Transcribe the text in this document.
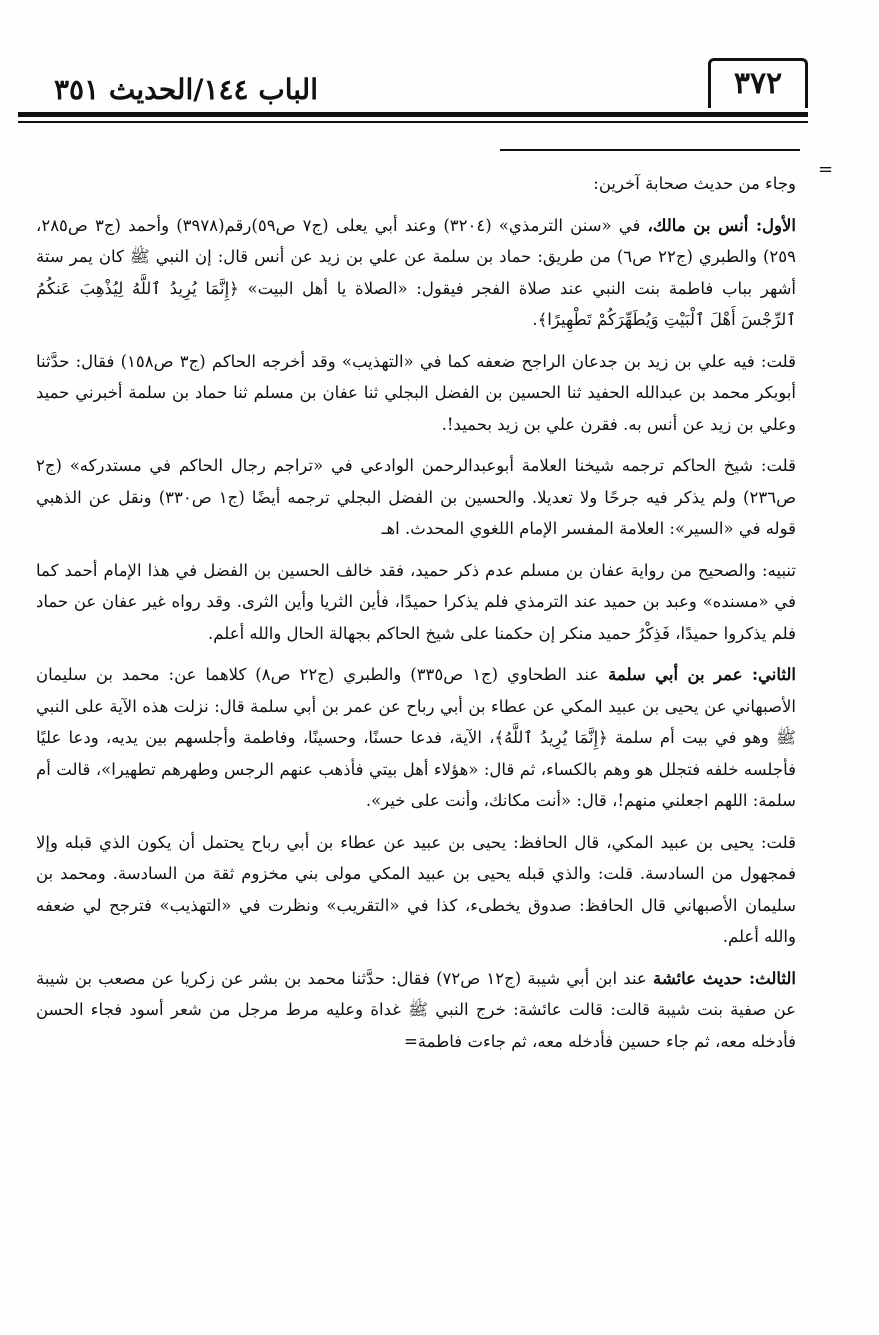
الباب ١٤٤/الحديث ٣٥١	٣٧٢
=

وجاء من حديث صحابة آخرين:

الأول: أنس بن مالك، في «سنن الترمذي» (٣٢٠٤) وعند أبي يعلى (ج٧ ص٥٩)رقم(٣٩٧٨) وأحمد (ج٣ ص٢٨٥، ٢٥٩) والطبري (ج٢٢ ص٦) من طريق: حماد بن سلمة عن علي بن زيد عن أنس قال: إن النبي ﷺ كان يمر ستة أشهر بباب فاطمة بنت النبي عند صلاة الفجر فيقول: «الصلاة يا أهل البيت» ﴿إِنَّمَا يُرِيدُ ٱللَّهُ لِيُذْهِبَ عَنكُمُ ٱلرِّجْسَ أَهْلَ ٱلْبَيْتِ وَيُطَهِّرَكُمْ تَطْهِيرًا﴾.

قلت: فيه علي بن زيد بن جدعان الراجح ضعفه كما في «التهذيب» وقد أخرجه الحاكم (ج٣ ص١٥٨) فقال: حدَّثنا أبوبكر محمد بن عبدالله الحفيد ثنا الحسين بن الفضل البجلي ثنا عفان بن مسلم ثنا حماد بن سلمة أخبرني حميد وعلي بن زيد عن أنس به. فقرن علي بن زيد بحميد!.

قلت: شيخ الحاكم ترجمه شيخنا العلامة أبوعبدالرحمن الوادعي في «تراجم رجال الحاكم في مستدركه» (ج٢ ص٢٣٦) ولم يذكر فيه جرحًا ولا تعديلا. والحسين بن الفضل البجلي ترجمه أيضًا (ج١ ص٣٣٠) ونقل عن الذهبي قوله في «السير»: العلامة المفسر الإمام اللغوي المحدث. اهـ

تنبيه: والصحيح من رواية عفان بن مسلم عدم ذكر حميد، فقد خالف الحسين بن الفضل في هذا الإمام أحمد كما في «مسنده» وعبد بن حميد عند الترمذي فلم يذكرا حميدًا، فأين الثريا وأين الثرى. وقد رواه غير عفان عن حماد فلم يذكروا حميدًا، فَذِكْرُ حميد منكر إن حكمنا على شيخ الحاكم بجهالة الحال والله أعلم.

الثاني: عمر بن أبي سلمة عند الطحاوي (ج١ ص٣٣٥) والطبري (ج٢٢ ص٨) كلاهما عن: محمد بن سليمان الأصبهاني عن يحيى بن عبيد المكي عن عطاء بن أبي رباح عن عمر بن أبي سلمة قال: نزلت هذه الآية على النبي ﷺ وهو في بيت أم سلمة ﴿إِنَّمَا يُرِيدُ ٱللَّهُ﴾، الآية، فدعا حسنًا، وحسينًا، وفاطمة وأجلسهم بين يديه، ودعا عليًا فأجلسه خلفه فتجلل هو وهم بالكساء، ثم قال: «هؤلاء أهل بيتي فأذهب عنهم الرجس وطهرهم تطهيرا»، قالت أم سلمة: اللهم اجعلني منهم!، قال: «أنت مكانك، وأنت على خير».

قلت: يحيى بن عبيد المكي، قال الحافظ: يحيى بن عبيد عن عطاء بن أبي رباح يحتمل أن يكون الذي قبله وإلا فمجهول من السادسة. قلت: والذي قبله يحيى بن عبيد المكي مولى بني مخزوم ثقة من السادسة. ومحمد بن سليمان الأصبهاني قال الحافظ: صدوق يخطىء، كذا في «التقريب» ونظرت في «التهذيب» فترجح لي ضعفه والله أعلم.

الثالث: حديث عائشة عند ابن أبي شيبة (ج١٢ ص٧٢) فقال: حدَّثنا محمد بن بشر عن زكريا عن مصعب بن شيبة عن صفية بنت شيبة قالت: قالت عائشة: خرج النبي ﷺ غداة وعليه مرط مرجل من شعر أسود فجاء الحسن فأدخله معه، ثم جاء حسين فأدخله معه، ثم جاءت فاطمة=
